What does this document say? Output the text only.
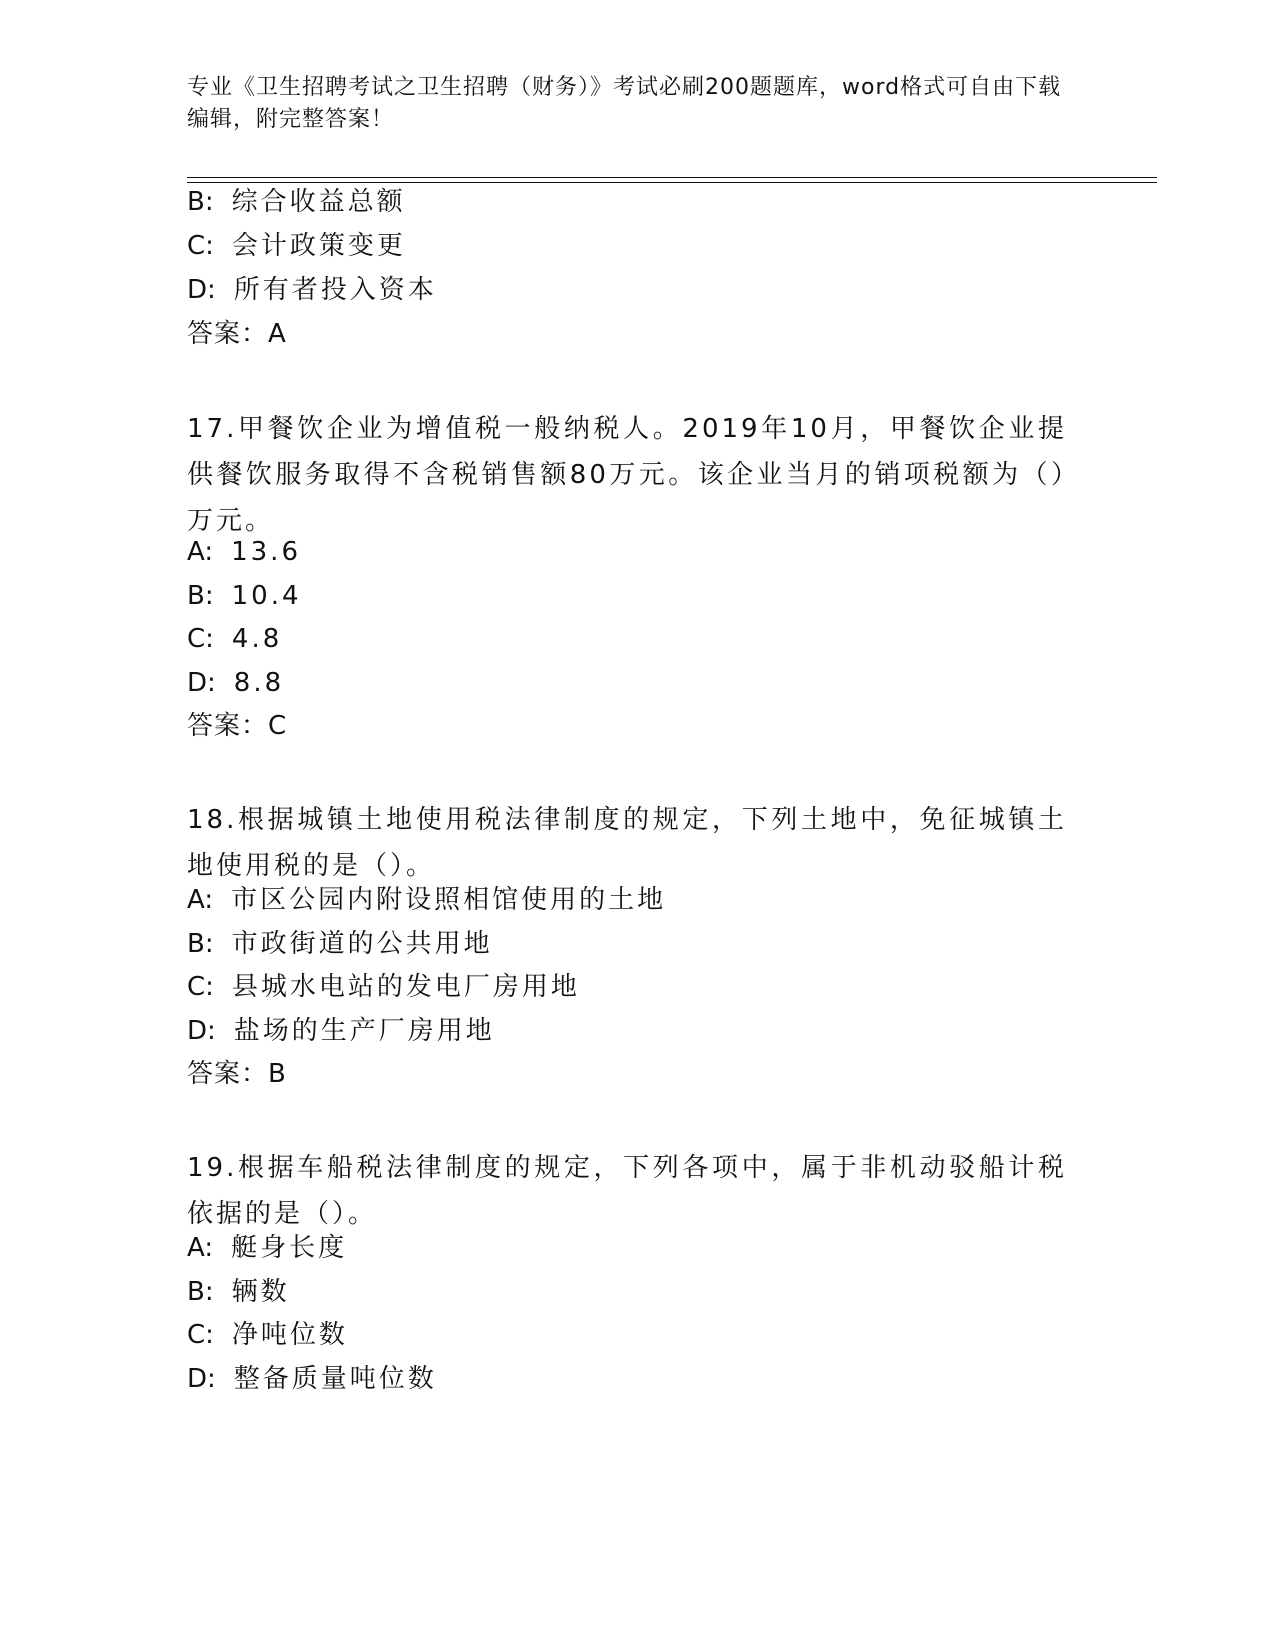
专业《卫生招聘考试之卫生招聘（财务）》考试必刷200题题库，word格式可自由下载编辑，附完整答案！
B: 综合收益总额
C: 会计政策变更
D: 所有者投入资本
答案：A
17.甲餐饮企业为增值税一般纳税人。2019年10月，甲餐饮企业提供餐饮服务取得不含税销售额80万元。该企业当月的销项税额为（）万元。
A: 13.6
B: 10.4
C: 4.8
D: 8.8
答案：C
18.根据城镇土地使用税法律制度的规定，下列土地中，免征城镇土地使用税的是（）。
A: 市区公园内附设照相馆使用的土地
B: 市政街道的公共用地
C: 县城水电站的发电厂房用地
D: 盐场的生产厂房用地
答案：B
19.根据车船税法律制度的规定，下列各项中，属于非机动驳船计税依据的是（）。
A: 艇身长度
B: 辆数
C: 净吨位数
D: 整备质量吨位数
